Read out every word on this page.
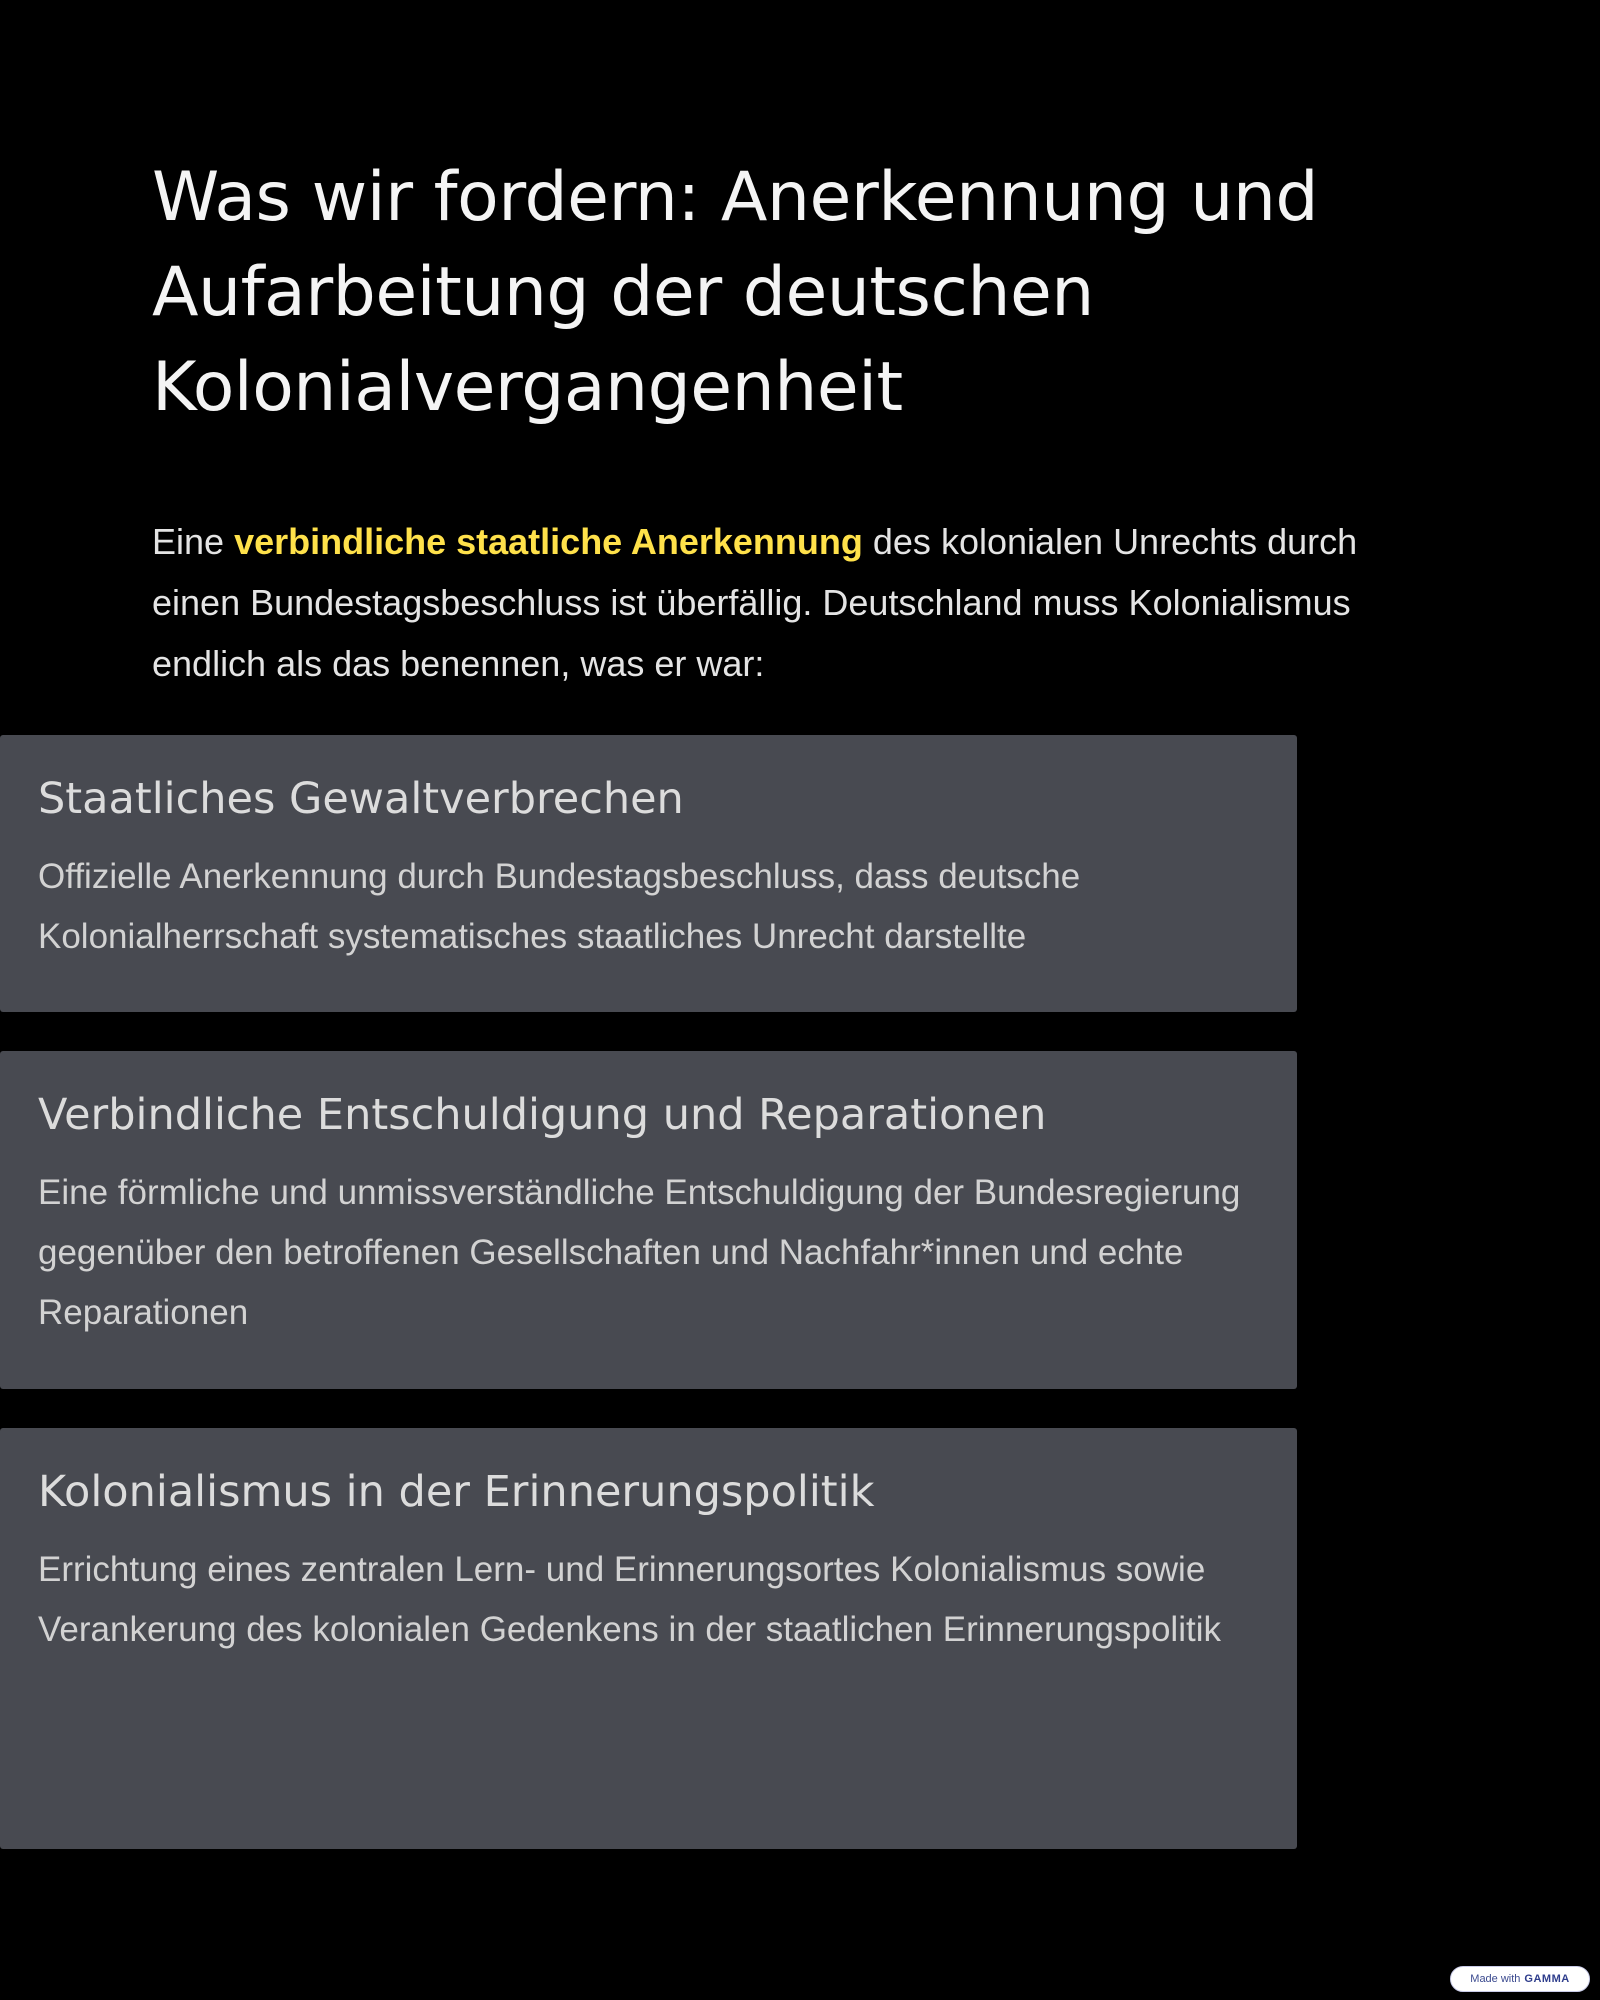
Was wir fordern: Anerkennung und Aufarbeitung der deutschen Kolonialvergangenheit

Eine verbindliche staatliche Anerkennung des kolonialen Unrechts durch einen Bundestagsbeschluss ist überfällig. Deutschland muss Kolonialismus endlich als das benennen, was er war:

Staatliches Gewaltverbrechen

Offizielle Anerkennung durch Bundestagsbeschluss, dass deutsche Kolonialherrschaft systematisches staatliches Unrecht darstellte

Verbindliche Entschuldigung und Reparationen

Eine förmliche und unmissverständliche Entschuldigung der Bundesregierung gegenüber den betroffenen Gesellschaften und Nachfahr*innen und echte Reparationen

Kolonialismus in der Erinnerungspolitik

Errichtung eines zentralen Lern- und Erinnerungsortes Kolonialismus sowie Verankerung des kolonialen Gedenkens in der staatlichen Erinnerungspolitik

Made with GAMMA
